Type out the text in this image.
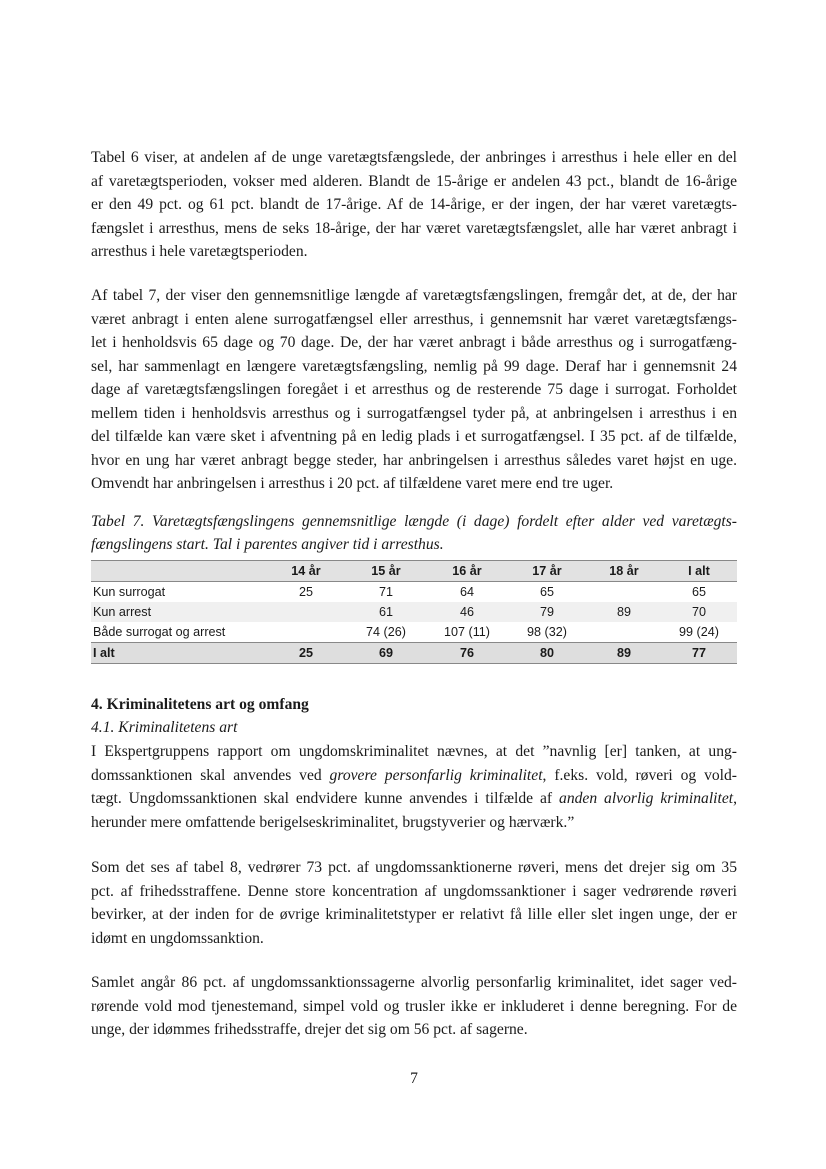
Tabel 6 viser, at andelen af de unge varetægtsfængslede, der anbringes i arresthus i hele eller en del
af varetægtsperioden, vokser med alderen. Blandt de 15-årige er andelen 43 pct., blandt de 16-årige
er den 49 pct. og 61 pct. blandt de 17-årige. Af de 14-årige, er der ingen, der har været varetægts-
fængslet i arresthus, mens de seks 18-årige, der har været varetægtsfængslet, alle har været anbragt i
arresthus i hele varetægtsperioden.
Af tabel 7, der viser den gennemsnitlige længde af varetægtsfængslingen, fremgår det, at de, der har
været anbragt i enten alene surrogatfængsel eller arresthus, i gennemsnit har været varetægtsfængs-
let i henholdsvis 65 dage og 70 dage. De, der har været anbragt i både arresthus og i surrogatfæng-
sel, har sammenlagt en længere varetægtsfængsling, nemlig på 99 dage. Deraf har i gennemsnit 24
dage af varetægtsfængslingen foregået i et arresthus og de resterende 75 dage i surrogat. Forholdet
mellem tiden i henholdsvis arresthus og i surrogatfængsel tyder på, at anbringelsen i arresthus i en
del tilfælde kan være sket i afventning på en ledig plads i et surrogatfængsel. I 35 pct. af de tilfælde,
hvor en ung har været anbragt begge steder, har anbringelsen i arresthus således varet højst en uge.
Omvendt har anbringelsen i arresthus i 20 pct. af tilfældene varet mere end tre uger.
Tabel 7. Varetægtsfængslingens gennemsnitlige længde (i dage) fordelt efter alder ved varetægts-
fængslingens start. Tal i parentes angiver tid i arresthus.
	14 år	15 år	16 år	17 år	18 år	I alt
Kun surrogat	25	71	64	65		65
Kun arrest		61	46	79	89	70
Både surrogat og arrest		74 (26)	107 (11)	98 (32)		99 (24)
I alt	25	69	76	80	89	77
4. Kriminalitetens art og omfang
4.1. Kriminalitetens art
I Ekspertgruppens rapport om ungdomskriminalitet nævnes, at det ”navnlig [er] tanken, at ung-
domssanktionen skal anvendes ved grovere personfarlig kriminalitet, f.eks. vold, røveri og vold-
tægt. Ungdomssanktionen skal endvidere kunne anvendes i tilfælde af anden alvorlig kriminalitet,
herunder mere omfattende berigelseskriminalitet, brugstyverier og hærværk.”
Som det ses af tabel 8, vedrører 73 pct. af ungdomssanktionerne røveri, mens det drejer sig om 35
pct. af frihedsstraffene. Denne store koncentration af ungdomssanktioner i sager vedrørende røveri
bevirker, at der inden for de øvrige kriminalitetstyper er relativt få lille eller slet ingen unge, der er
idømt en ungdomssanktion.
Samlet angår 86 pct. af ungdomssanktionssagerne alvorlig personfarlig kriminalitet, idet sager ved-
rørende vold mod tjenestemand, simpel vold og trusler ikke er inkluderet i denne beregning. For de
unge, der idømmes frihedsstraffe, drejer det sig om 56 pct. af sagerne.
7
